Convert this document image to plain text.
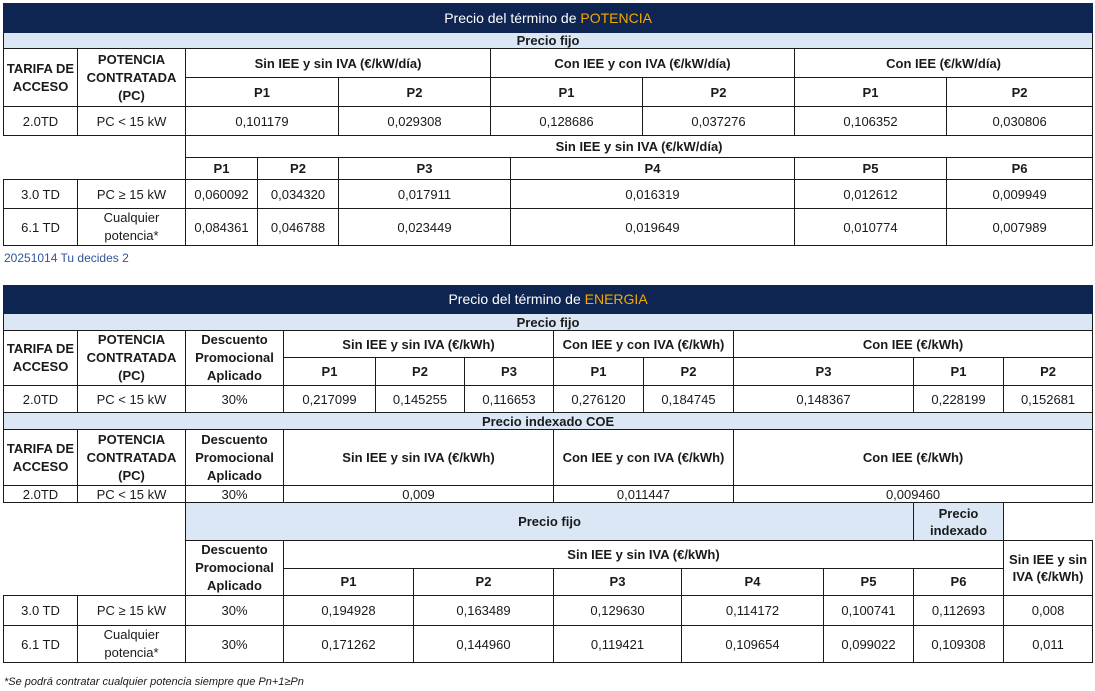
Precio del término de POTENCIA									
Precio fijo									
TARIFA DE ACCESO	POTENCIA CONTRATADA (PC)	Sin IEE y sin IVA (€/kW/día)			Con IEE y con IVA (€/kW/día)			Con IEE (€/kW/día)	
		P1		P2	P1		P2	P1	P2
2.0TD	PC < 15 kW	0,101179		0,029308	0,128686		0,037276	0,106352	0,030806
		Sin IEE y sin IVA (€/kW/día)							
		P1	P2	P3		P4		P5	P6
3.0 TD	PC ≥ 15 kW	0,060092	0,034320	0,017911		0,016319		0,012612	0,009949
6.1 TD	Cualquier potencia*	0,084361	0,046788	0,023449		0,019649		0,010774	0,007989
20251014 Tu decides 2
Precio del término de ENERGIA														
Precio fijo														
TARIFA DE ACCESO	POTENCIA CONTRATADA (PC)	Descuento Promocional Aplicado	Sin IEE y sin IVA (€/kWh)				Con IEE y con IVA (€/kWh)			Con IEE (€/kWh)				
			P1	P2		P3	P1	P2		P3		P1	P2	
2.0TD	PC < 15 kW	30%	0,217099	0,145255		0,116653	0,276120	0,184745		0,148367		0,228199	0,152681	
Precio indexado COE														
TARIFA DE ACCESO	POTENCIA CONTRATADA (PC)	Descuento Promocional Aplicado	Sin IEE y sin IVA (€/kWh)				Con IEE y con IVA (€/kWh)			Con IEE (€/kWh)				
2.0TD	PC < 15 kW	30%	0,009				0,011447			0,009460				
		Precio fijo										Precio indexado		
		Descuento Promocional Aplicado	Sin IEE y sin IVA (€/kWh)										Sin IEE y sin IVA (€/kWh)	
			P1		P2		P3		P4		P5	P6		
3.0 TD	PC ≥ 15 kW	30%	0,194928		0,163489		0,129630		0,114172		0,100741	0,112693	0,008	
6.1 TD	Cualquier potencia*	30%	0,171262		0,144960		0,119421		0,109654		0,099022	0,109308	0,011	
*Se podrá contratar cualquier potencia siempre que Pn+1≥Pn
